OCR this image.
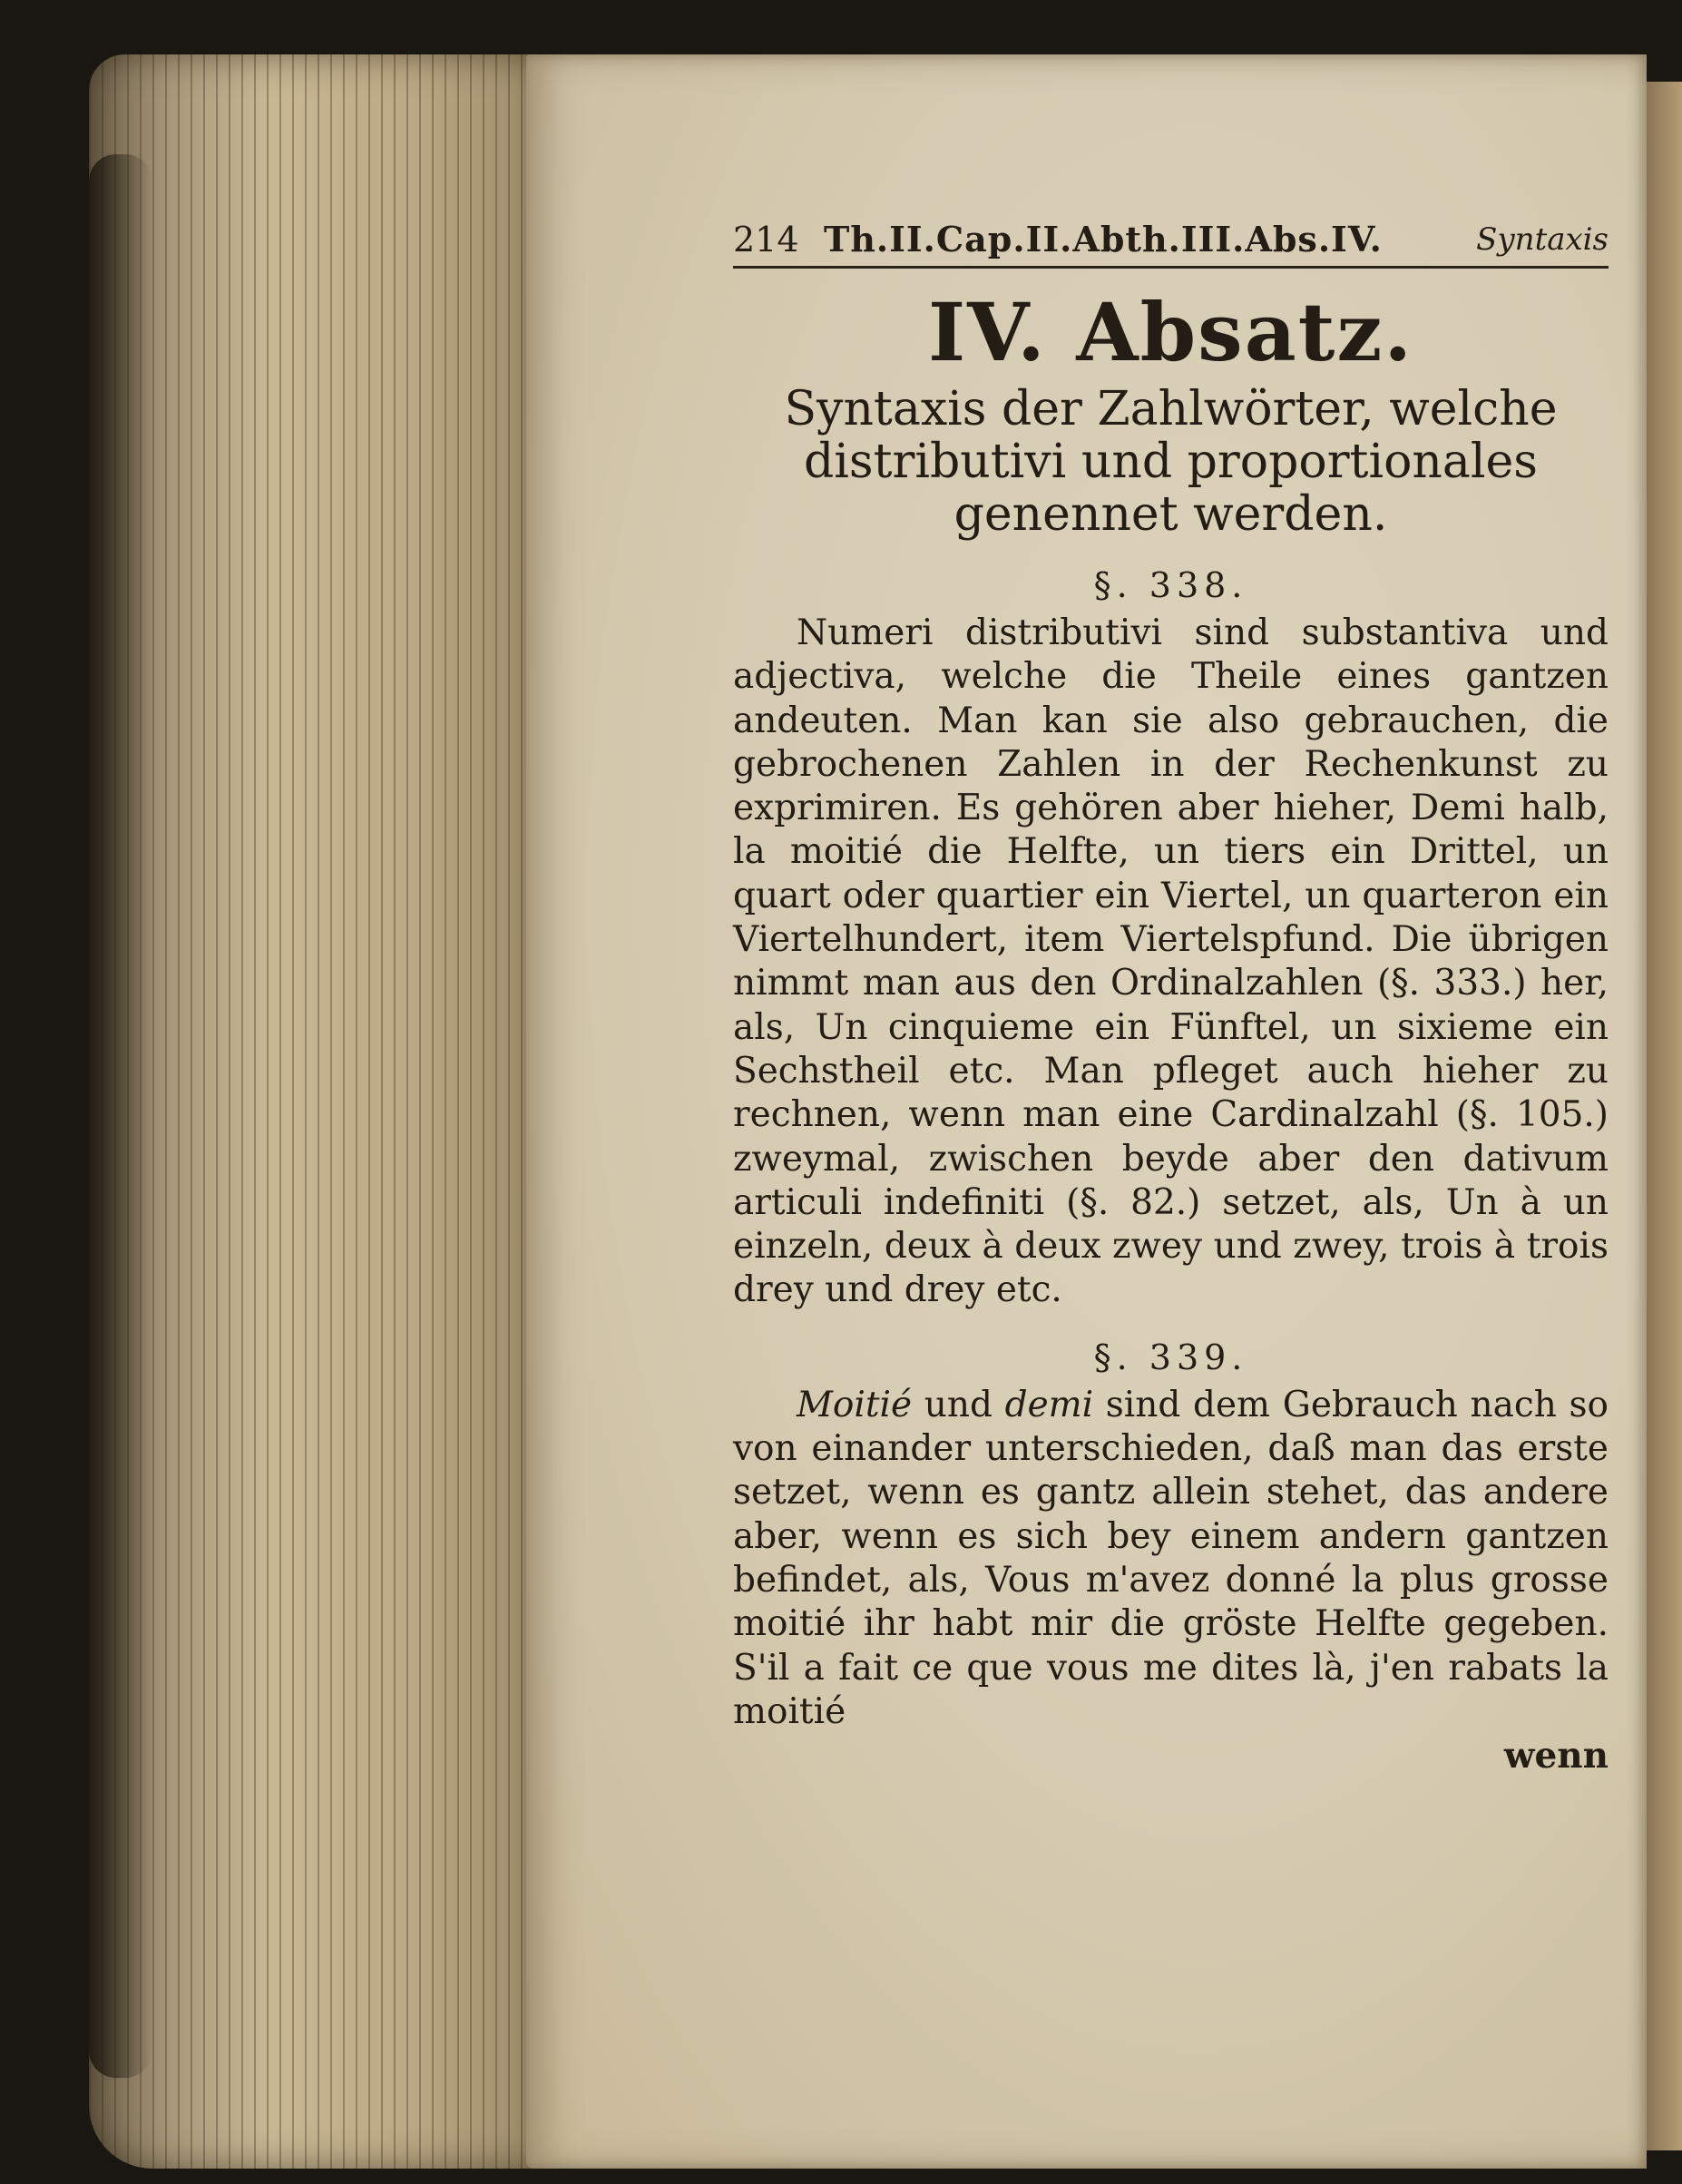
214 Th.II.Cap.II.Abth.III.Abs.IV.	Syntaxis
IV. Absatz.
Syntaxis der Zahlwörter, welche distributivi und proportionales genennet werden.
§. 338.

Numeri distributivi sind substantiva und adjectiva, welche die Theile eines gantzen andeuten. Man kan sie also gebrauchen, die gebrochenen Zahlen in der Rechenkunst zu exprimiren. Es gehören aber hieher, Demi halb, la moitié die Helfte, un tiers ein Drittel, un quart oder quartier ein Viertel, un quarteron ein Viertelhundert, item Viertelspfund. Die übrigen nimmt man aus den Ordinalzahlen (§. 333.) her, als, Un cinquieme ein Fünftel, un sixieme ein Sechstheil etc. Man pfleget auch hieher zu rechnen, wenn man eine Cardinalzahl (§. 105.) zweymal, zwischen beyde aber den dativum articuli indefiniti (§. 82.) setzet, als, Un à un einzeln, deux à deux zwey und zwey, trois à trois drey und drey etc.

§. 339.

Moitié und demi sind dem Gebrauch nach so von einander unterschieden, daß man das erste setzet, wenn es gantz allein stehet, das andere aber, wenn es sich bey einem andern gantzen befindet, als, Vous m'avez donné la plus grosse moitié ihr habt mir die gröste Helfte gegeben. S'il a fait ce que vous me dites là, j'en rabats la moitié

wenn
